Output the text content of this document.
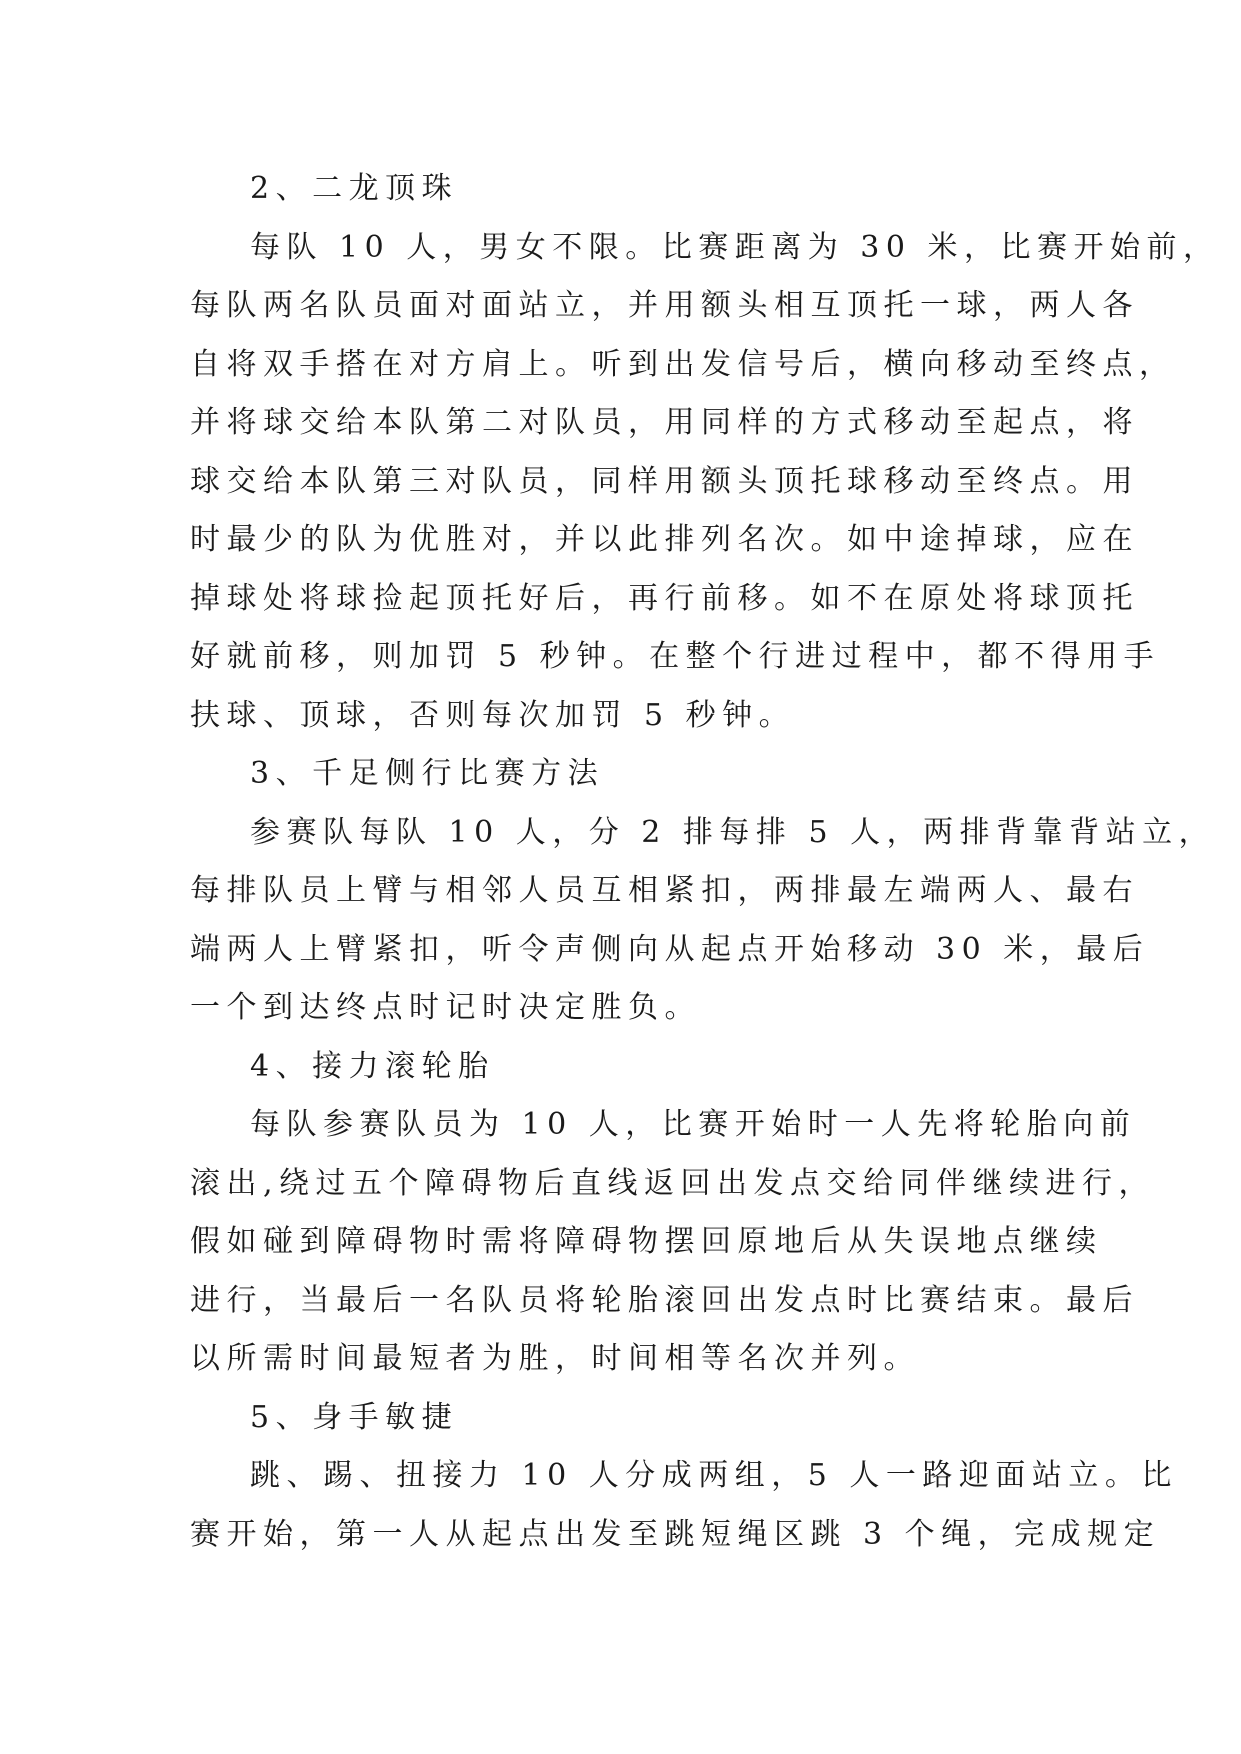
2、二龙顶珠
每队 10 人，男女不限。比赛距离为 30 米，比赛开始前，
每队两名队员面对面站立，并用额头相互顶托一球，两人各
自将双手搭在对方肩上。听到出发信号后，横向移动至终点，
并将球交给本队第二对队员，用同样的方式移动至起点，将
球交给本队第三对队员，同样用额头顶托球移动至终点。用
时最少的队为优胜对，并以此排列名次。如中途掉球，应在
掉球处将球捡起顶托好后，再行前移。如不在原处将球顶托
好就前移，则加罚 5 秒钟。在整个行进过程中，都不得用手
扶球、顶球，否则每次加罚 5 秒钟。
3、千足侧行比赛方法
参赛队每队 10 人，分 2 排每排 5 人，两排背靠背站立，
每排队员上臂与相邻人员互相紧扣，两排最左端两人、最右
端两人上臂紧扣，听令声侧向从起点开始移动 30 米，最后
一个到达终点时记时决定胜负。
4、接力滚轮胎
每队参赛队员为 10 人，比赛开始时一人先将轮胎向前
滚出,绕过五个障碍物后直线返回出发点交给同伴继续进行，
假如碰到障碍物时需将障碍物摆回原地后从失误地点继续
进行，当最后一名队员将轮胎滚回出发点时比赛结束。最后
以所需时间最短者为胜，时间相等名次并列。
5、身手敏捷
跳、踢、扭接力 10 人分成两组，5 人一路迎面站立。比
赛开始，第一人从起点出发至跳短绳区跳 3 个绳，完成规定
